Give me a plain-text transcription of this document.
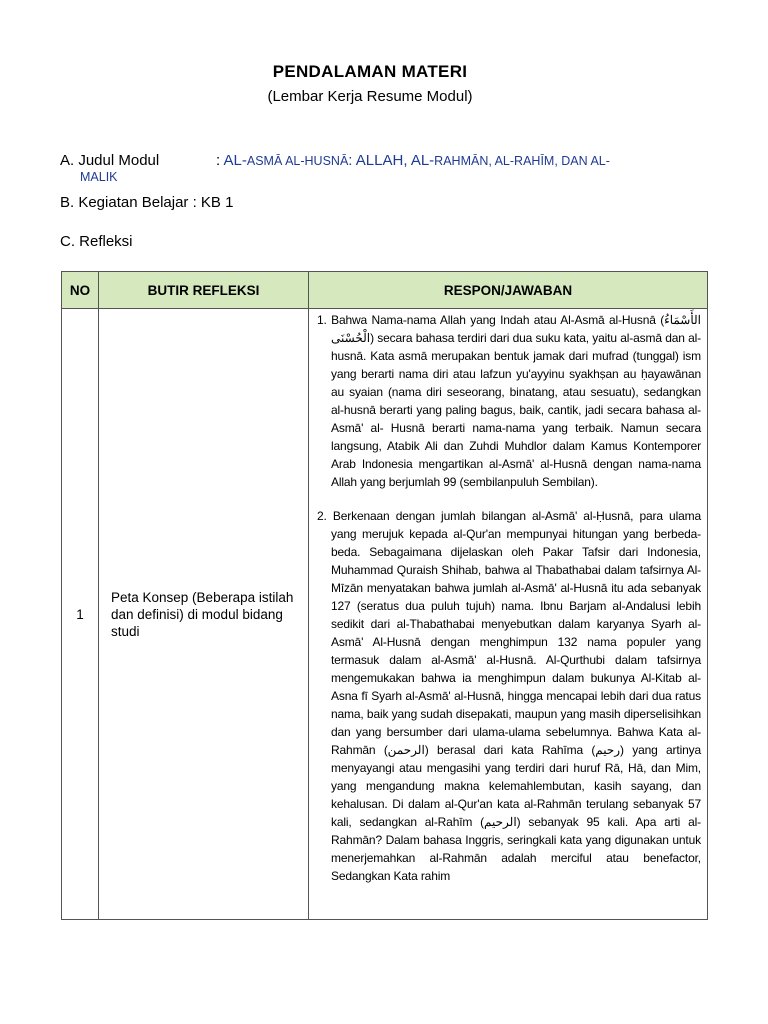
PENDALAMAN MATERI
(Lembar Kerja Resume Modul)
A. Judul Modul	: AL-ASMĀ AL-HUSNĀ: ALLAH, AL-RAHMĀN, AL-RAHĪM, DAN AL-
MALIK
B. Kegiatan Belajar : KB 1
C. Refleksi
NO	BUTIR REFLEKSI	RESPON/JAWABAN
1	Peta Konsep (Beberapa istilah dan definisi) di modul bidang studi	1. Bahwa Nama-nama Allah yang Indah atau Al-Asmā al-Husnā (الأَسْمَاءُ الْحُسْنَى) secara bahasa terdiri dari dua suku kata, yaitu al-asmā dan al-husnā. Kata asmā merupakan bentuk jamak dari mufrad (tunggal) ism yang berarti nama diri atau lafzun yu'ayyinu syakhṣan au ḥayawānan au syaian (nama diri seseorang, binatang, atau sesuatu), sedangkan al-husnā berarti yang paling bagus, baik, cantik, jadi secara bahasa al-Asmā' al- Husnā berarti nama-nama yang terbaik. Namun secara langsung, Atabik Ali dan Zuhdi Muhdlor dalam Kamus Kontemporer Arab Indonesia mengartikan al-Asmā' al-Husnā dengan nama-nama Allah yang berjumlah 99 (sembilanpuluh Sembilan).

2. Berkenaan dengan jumlah bilangan al-Asmā' al-Ḥusnā, para ulama yang merujuk kepada al-Qur'an mempunyai hitungan yang berbeda-beda. Sebagaimana dijelaskan oleh Pakar Tafsir dari Indonesia, Muhammad Quraish Shihab, bahwa al Thabathabai dalam tafsirnya Al- Mīzān menyatakan bahwa jumlah al-Asmā' al-Husnā itu ada sebanyak 127 (seratus dua puluh tujuh) nama. Ibnu Barjam al-Andalusi lebih sedikit dari al-Thabathabai menyebutkan dalam karyanya Syarh al-Asmā' Al-Husnā dengan menghimpun 132 nama populer yang termasuk dalam al-Asmā' al-Husnā. Al-Qurthubi dalam tafsirnya mengemukakan bahwa ia menghimpun dalam bukunya Al-Kitab al-Asna fī Syarh al-Asmā' al-Husnā, hingga mencapai lebih dari dua ratus nama, baik yang sudah disepakati, maupun yang masih diperselisihkan dan yang bersumber dari ulama-ulama sebelumnya. Bahwa Kata al-Rahmān (الرحمن) berasal dari kata Rahīma (رحيم) yang artinya menyayangi atau mengasihi yang terdiri dari huruf Rā, Hā, dan Mim, yang mengandung makna kelemahlembutan, kasih sayang, dan kehalusan. Di dalam al-Qur'an kata al-Rahmān terulang sebanyak 57 kali, sedangkan al-Rahīm (الرحيم) sebanyak 95 kali. Apa arti al-Rahmān? Dalam bahasa Inggris, seringkali kata yang digunakan untuk menerjemahkan al-Rahmān adalah merciful atau benefactor, Sedangkan Kata rahim
